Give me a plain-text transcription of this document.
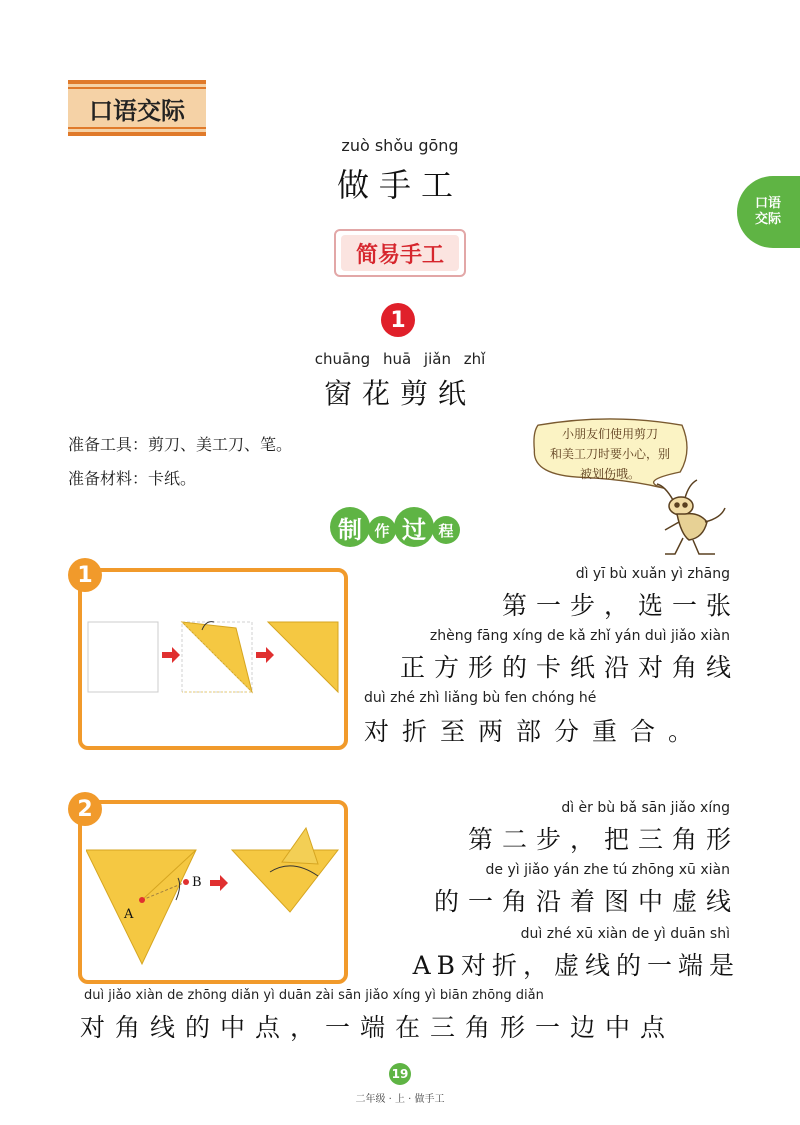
口语交际
口语
交际
zuò shǒu gōng
做手工
简易手工
1
chuāng huā jiǎn zhǐ
窗花剪纸
准备工具：剪刀、美工刀、笔。
准备材料：卡纸。
小朋友们使用剪刀
和美工刀时要小心，别
被划伤哦。
制 作 过 程
1	dì yī bù xuǎn yì zhāng
第一步，选一张
zhèng fāng xíng de kǎ zhǐ yán duì jiǎo xiàn
正方形的卡纸沿对角线
duì zhé zhì liǎng bù fen chóng hé
对折至两部分重合。
2
A
B
dì èr bù bǎ sān jiǎo xíng
第二步，把三角形
de yì jiǎo yán zhe tú zhōng xū xiàn
的一角沿着图中虚线
duì zhé xū xiàn de yì duān shì
AB对折，虚线的一端是
duì jiǎo xiàn de zhōng diǎn yì duān zài sān jiǎo xíng yì biān zhōng diǎn
对角线的中点，一端在三角形一边中点
19
二年级 · 上 · 做手工
